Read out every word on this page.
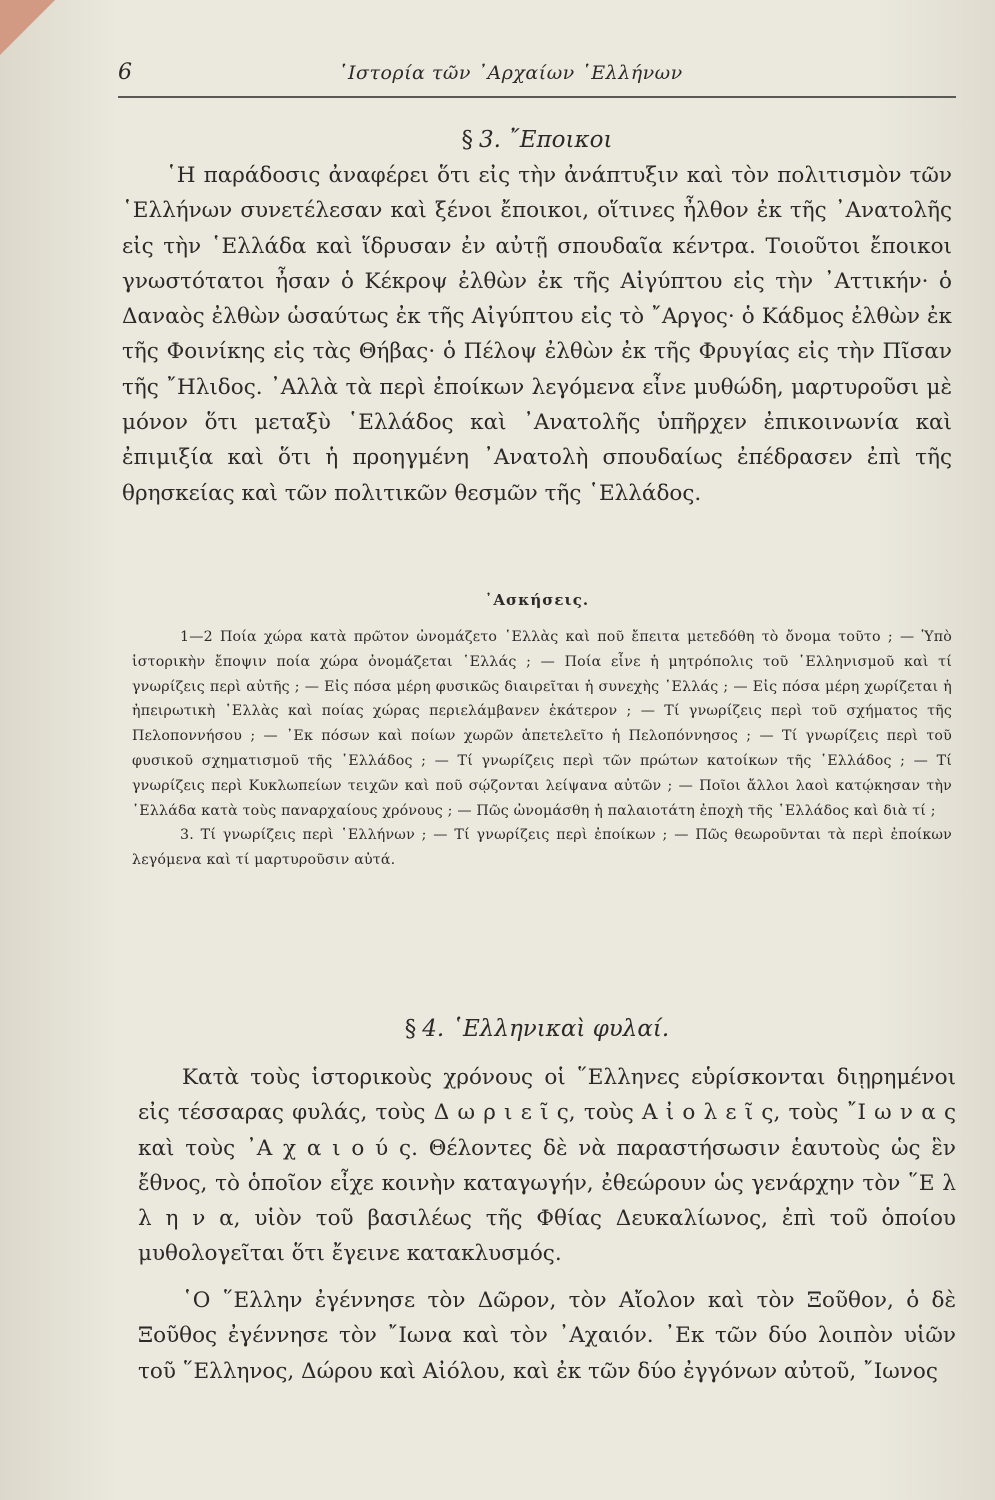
6	῾Ιστορία τῶν ᾿Αρχαίων ῾Ελλήνων
§ 3. ῎Εποικοι

῾Η παράδοσις ἀναφέρει ὅτι εἰς τὴν ἀνάπτυξιν καὶ τὸν πολιτισμὸν τῶν ῾Ελλήνων συνετέλεσαν καὶ ξένοι ἔποικοι, οἵτινες ἦλθον ἐκ τῆς ᾿Ανατολῆς εἰς τὴν ῾Ελλάδα καὶ ἵδρυσαν ἐν αὐτῇ σπουδαῖα κέντρα. Τοιοῦτοι ἔποικοι γνωστότατοι ἦσαν ὁ Κέκροψ ἐλθὼν ἐκ τῆς Αἰγύπτου εἰς τὴν ᾿Αττικήν· ὁ Δαναὸς ἐλθὼν ὡσαύτως ἐκ τῆς Αἰγύπτου εἰς τὸ ῎Αργος· ὁ Κάδμος ἐλθὼν ἐκ τῆς Φοινίκης εἰς τὰς Θήβας· ὁ Πέλοψ ἐλθὼν ἐκ τῆς Φρυγίας εἰς τὴν Πῖσαν τῆς ῎Ηλιδος. ᾿Αλλὰ τὰ περὶ ἐποίκων λεγόμενα εἶνε μυθώδη, μαρτυροῦσι μὲ μόνον ὅτι μεταξὺ ῾Ελλάδος καὶ ᾿Ανατολῆς ὑπῆρχεν ἐπικοινωνία καὶ ἐπιμιξία καὶ ὅτι ἡ προηγμένη ᾿Ανατολὴ σπουδαίως ἐπέδρασεν ἐπὶ τῆς θρησκείας καὶ τῶν πολιτικῶν θεσμῶν τῆς ῾Ελλάδος.

᾿Ασκήσεις.

1—2 Ποία χώρα κατὰ πρῶτον ὠνομάζετο ῾Ελλὰς καὶ ποῦ ἔπειτα μετεδόθη τὸ ὄνομα τοῦτο ; — Ὑπὸ ἱστορικὴν ἔποψιν ποία χώρα ὀνομάζεται ῾Ελλάς ; — Ποία εἶνε ἡ μητρόπολις τοῦ ῾Ελληνισμοῦ καὶ τί γνωρίζεις περὶ αὐτῆς ; — Εἰς πόσα μέρη φυσικῶς διαιρεῖται ἡ συνεχὴς ῾Ελλάς ; — Εἰς πόσα μέρη χωρίζεται ἡ ἠπειρωτικὴ ῾Ελλὰς καὶ ποίας χώρας περιελάμβανεν ἑκάτερον ; — Τί γνωρίζεις περὶ τοῦ σχήματος τῆς Πελοποννήσου ; — ᾿Εκ πόσων καὶ ποίων χωρῶν ἀπετελεῖτο ἡ Πελοπόννησος ; — Τί γνωρίζεις περὶ τοῦ φυσικοῦ σχηματισμοῦ τῆς ῾Ελλάδος ; — Τί γνωρίζεις περὶ τῶν πρώτων κατοίκων τῆς ῾Ελλάδος ; — Τί γνωρίζεις περὶ Κυκλωπείων τειχῶν καὶ ποῦ σῴζονται λείψανα αὐτῶν ; — Ποῖοι ἄλλοι λαοὶ κατῴκησαν τὴν ῾Ελλάδα κατὰ τοὺς παναρχαίους χρόνους ; — Πῶς ὠνομάσθη ἡ παλαιοτάτη ἐποχὴ τῆς ῾Ελλάδος καὶ διὰ τί ;

3. Τί γνωρίζεις περὶ ῾Ελλήνων ; — Τί γνωρίζεις περὶ ἐποίκων ; — Πῶς θεωροῦνται τὰ περὶ ἐποίκων λεγόμενα καὶ τί μαρτυροῦσιν αὐτά.

§ 4. ῾Ελληνικαὶ φυλαί.

Κατὰ τοὺς ἱστορικοὺς χρόνους οἱ ῞Ελληνες εὑρίσκονται διῃρημένοι εἰς τέσσαρας φυλάς, τοὺς Δ ω ρ ι ε ῖ ς, τοὺς Α ἰ ο λ ε ῖ ς, τοὺς ῎Ι ω ν α ς καὶ τοὺς ᾿Α χ α ι ο ύ ς. Θέλοντες δὲ νὰ παραστήσωσιν ἑαυτοὺς ὡς ἓν ἔθνος, τὸ ὁποῖον εἶχε κοινὴν καταγωγήν, ἐθεώρουν ὡς γενάρχην τὸν ῞Ε λ λ η ν α, υἱὸν τοῦ βασιλέως τῆς Φθίας Δευκαλίωνος, ἐπὶ τοῦ ὁποίου μυθολογεῖται ὅτι ἔγεινε κατακλυσμός.

῾Ο ῞Ελλην ἐγέννησε τὸν Δῶρον, τὸν Αἴολον καὶ τὸν Ξοῦθον, ὁ δὲ Ξοῦθος ἐγέννησε τὸν ῎Ιωνα καὶ τὸν ᾿Αχαιόν. ᾿Εκ τῶν δύο λοιπὸν υἱῶν τοῦ ῞Ελληνος, Δώρου καὶ Αἰόλου, καὶ ἐκ τῶν δύο ἐγγόνων αὐτοῦ, ῎Ιωνος
